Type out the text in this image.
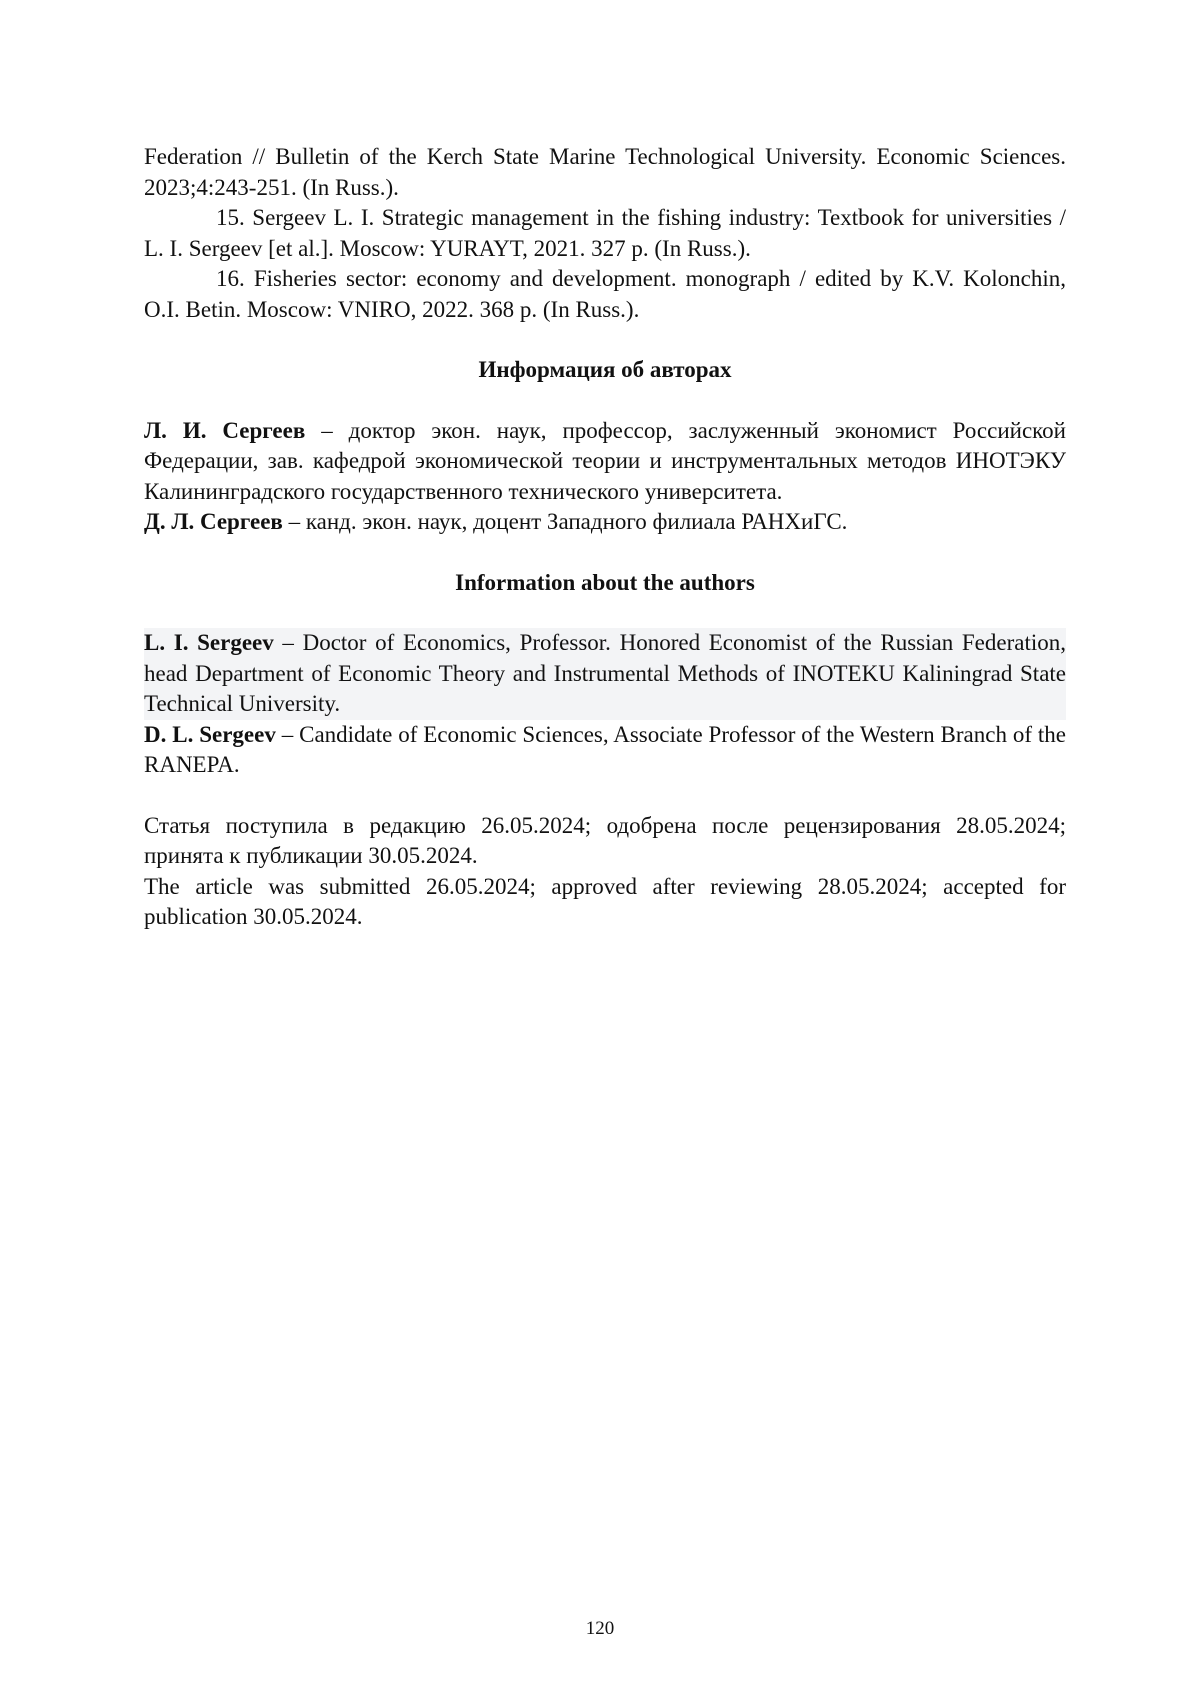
Federation // Bulletin of the Kerch State Marine Technological University. Economic Sciences. 2023;4:243-251. (In Russ.).

15. Sergeev L. I. Strategic management in the fishing industry: Textbook for universities / L. I. Sergeev [et al.]. Moscow: YURAYT, 2021. 327 p. (In Russ.).

16. Fisheries sector: economy and development. monograph / edited by K.V. Kolonchin, O.I. Betin. Moscow: VNIRO, 2022. 368 p. (In Russ.).

Информация об авторах

Л. И. Сергеев – доктор экон. наук, профессор, заслуженный экономист Российской Федерации, зав. кафедрой экономической теории и инструментальных методов ИНОТЭКУ Калининградского государственного технического университета.

Д. Л. Сергеев – канд. экон. наук, доцент Западного филиала РАНХиГС.

Information about the authors

L. I. Sergeev – Doctor of Economics, Professor. Honored Economist of the Russian Federation, head Department of Economic Theory and Instrumental Methods of INOTEKU Kaliningrad State Technical University.

D. L. Sergeev – Candidate of Economic Sciences, Associate Professor of the Western Branch of the RANEPA.

Статья поступила в редакцию 26.05.2024; одобрена после рецензирования 28.05.2024; принята к публикации 30.05.2024.

The article was submitted 26.05.2024; approved after reviewing 28.05.2024; accepted for publication 30.05.2024.

120
